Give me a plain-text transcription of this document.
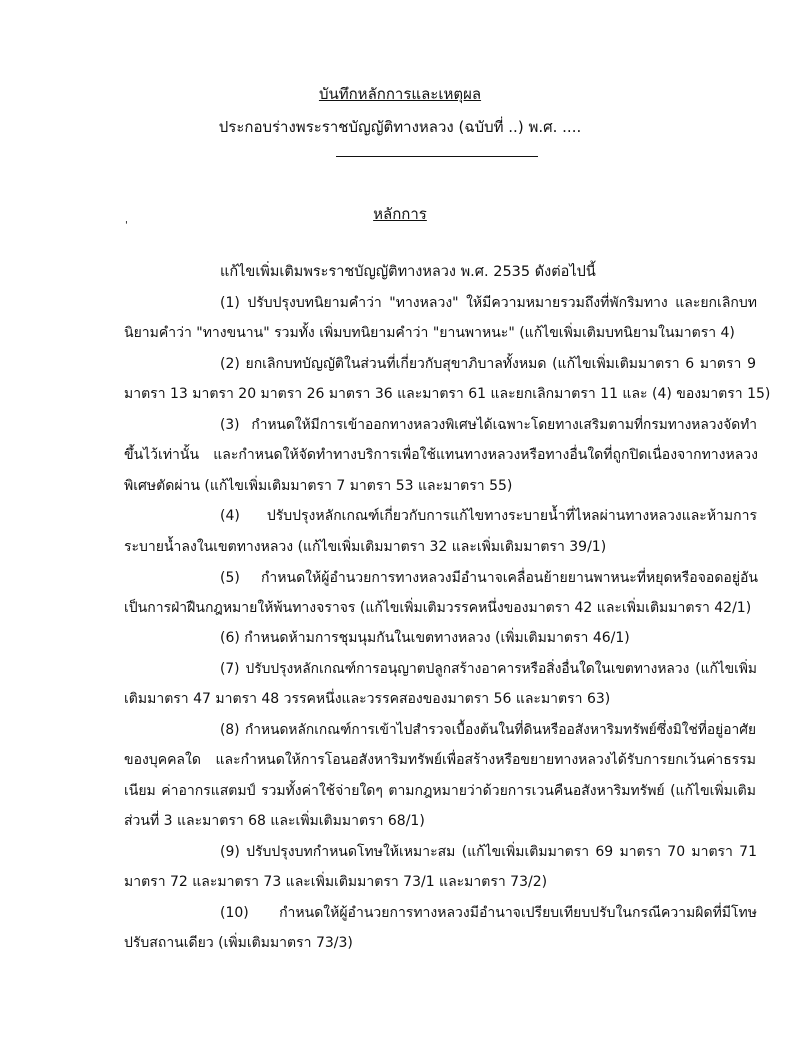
บันทึกหลักการและเหตุผล
ประกอบร่างพระราชบัญญัติทางหลวง (ฉบับที่ ..) พ.ศ. ....
หลักการ
'
แก้ไขเพิ่มเติมพระราชบัญญัติทางหลวง พ.ศ. 2535 ดังต่อไปนี้
(1) ปรับปรุงบทนิยามคำว่า "ทางหลวง" ให้มีความหมายรวมถึงที่พักริมทาง และยกเลิกบท
นิยามคำว่า "ทางขนาน" รวมทั้ง เพิ่มบทนิยามคำว่า "ยานพาหนะ" (แก้ไขเพิ่มเติมบทนิยามในมาตรา 4)
(2) ยกเลิกบทบัญญัติในส่วนที่เกี่ยวกับสุขาภิบาลทั้งหมด (แก้ไขเพิ่มเติมมาตรา 6 มาตรา 9
มาตรา 13 มาตรา 20 มาตรา 26 มาตรา 36 และมาตรา 61 และยกเลิกมาตรา 11 และ (4) ของมาตรา 15)
(3) กำหนดให้มีการเข้าออกทางหลวงพิเศษได้เฉพาะโดยทางเสริมตามที่กรมทางหลวงจัดทำ
ขึ้นไว้เท่านั้น และกำหนดให้จัดทำทางบริการเพื่อใช้แทนทางหลวงหรือทางอื่นใดที่ถูกปิดเนื่องจากทางหลวง
พิเศษตัดผ่าน (แก้ไขเพิ่มเติมมาตรา 7 มาตรา 53 และมาตรา 55)
(4) ปรับปรุงหลักเกณฑ์เกี่ยวกับการแก้ไขทางระบายน้ำที่ไหลผ่านทางหลวงและห้ามการ
ระบายน้ำลงในเขตทางหลวง (แก้ไขเพิ่มเติมมาตรา 32 และเพิ่มเติมมาตรา 39/1)
(5) กำหนดให้ผู้อำนวยการทางหลวงมีอำนาจเคลื่อนย้ายยานพาหนะที่หยุดหรือจอดอยู่อัน
เป็นการฝ่าฝืนกฎหมายให้พ้นทางจราจร (แก้ไขเพิ่มเติมวรรคหนึ่งของมาตรา 42 และเพิ่มเติมมาตรา 42/1)
(6) กำหนดห้ามการชุมนุมกันในเขตทางหลวง (เพิ่มเติมมาตรา 46/1)
(7) ปรับปรุงหลักเกณฑ์การอนุญาตปลูกสร้างอาคารหรือสิ่งอื่นใดในเขตทางหลวง (แก้ไขเพิ่ม
เติมมาตรา 47 มาตรา 48 วรรคหนึ่งและวรรคสองของมาตรา 56 และมาตรา 63)
(8) กำหนดหลักเกณฑ์การเข้าไปสำรวจเบื้องต้นในที่ดินหรืออสังหาริมทรัพย์ซึ่งมิใช่ที่อยู่อาศัย
ของบุคคลใด และกำหนดให้การโอนอสังหาริมทรัพย์เพื่อสร้างหรือขยายทางหลวงได้รับการยกเว้นค่าธรรม
เนียม ค่าอากรแสตมป์ รวมทั้งค่าใช้จ่ายใดๆ ตามกฎหมายว่าด้วยการเวนคืนอสังหาริมทรัพย์ (แก้ไขเพิ่มเติม
ส่วนที่ 3 และมาตรา 68 และเพิ่มเติมมาตรา 68/1)
(9) ปรับปรุงบทกำหนดโทษให้เหมาะสม (แก้ไขเพิ่มเติมมาตรา 69 มาตรา 70 มาตรา 71
มาตรา 72 และมาตรา 73 และเพิ่มเติมมาตรา 73/1 และมาตรา 73/2)
(10) กำหนดให้ผู้อำนวยการทางหลวงมีอำนาจเปรียบเทียบปรับในกรณีความผิดที่มีโทษ
ปรับสถานเดียว (เพิ่มเติมมาตรา 73/3)
